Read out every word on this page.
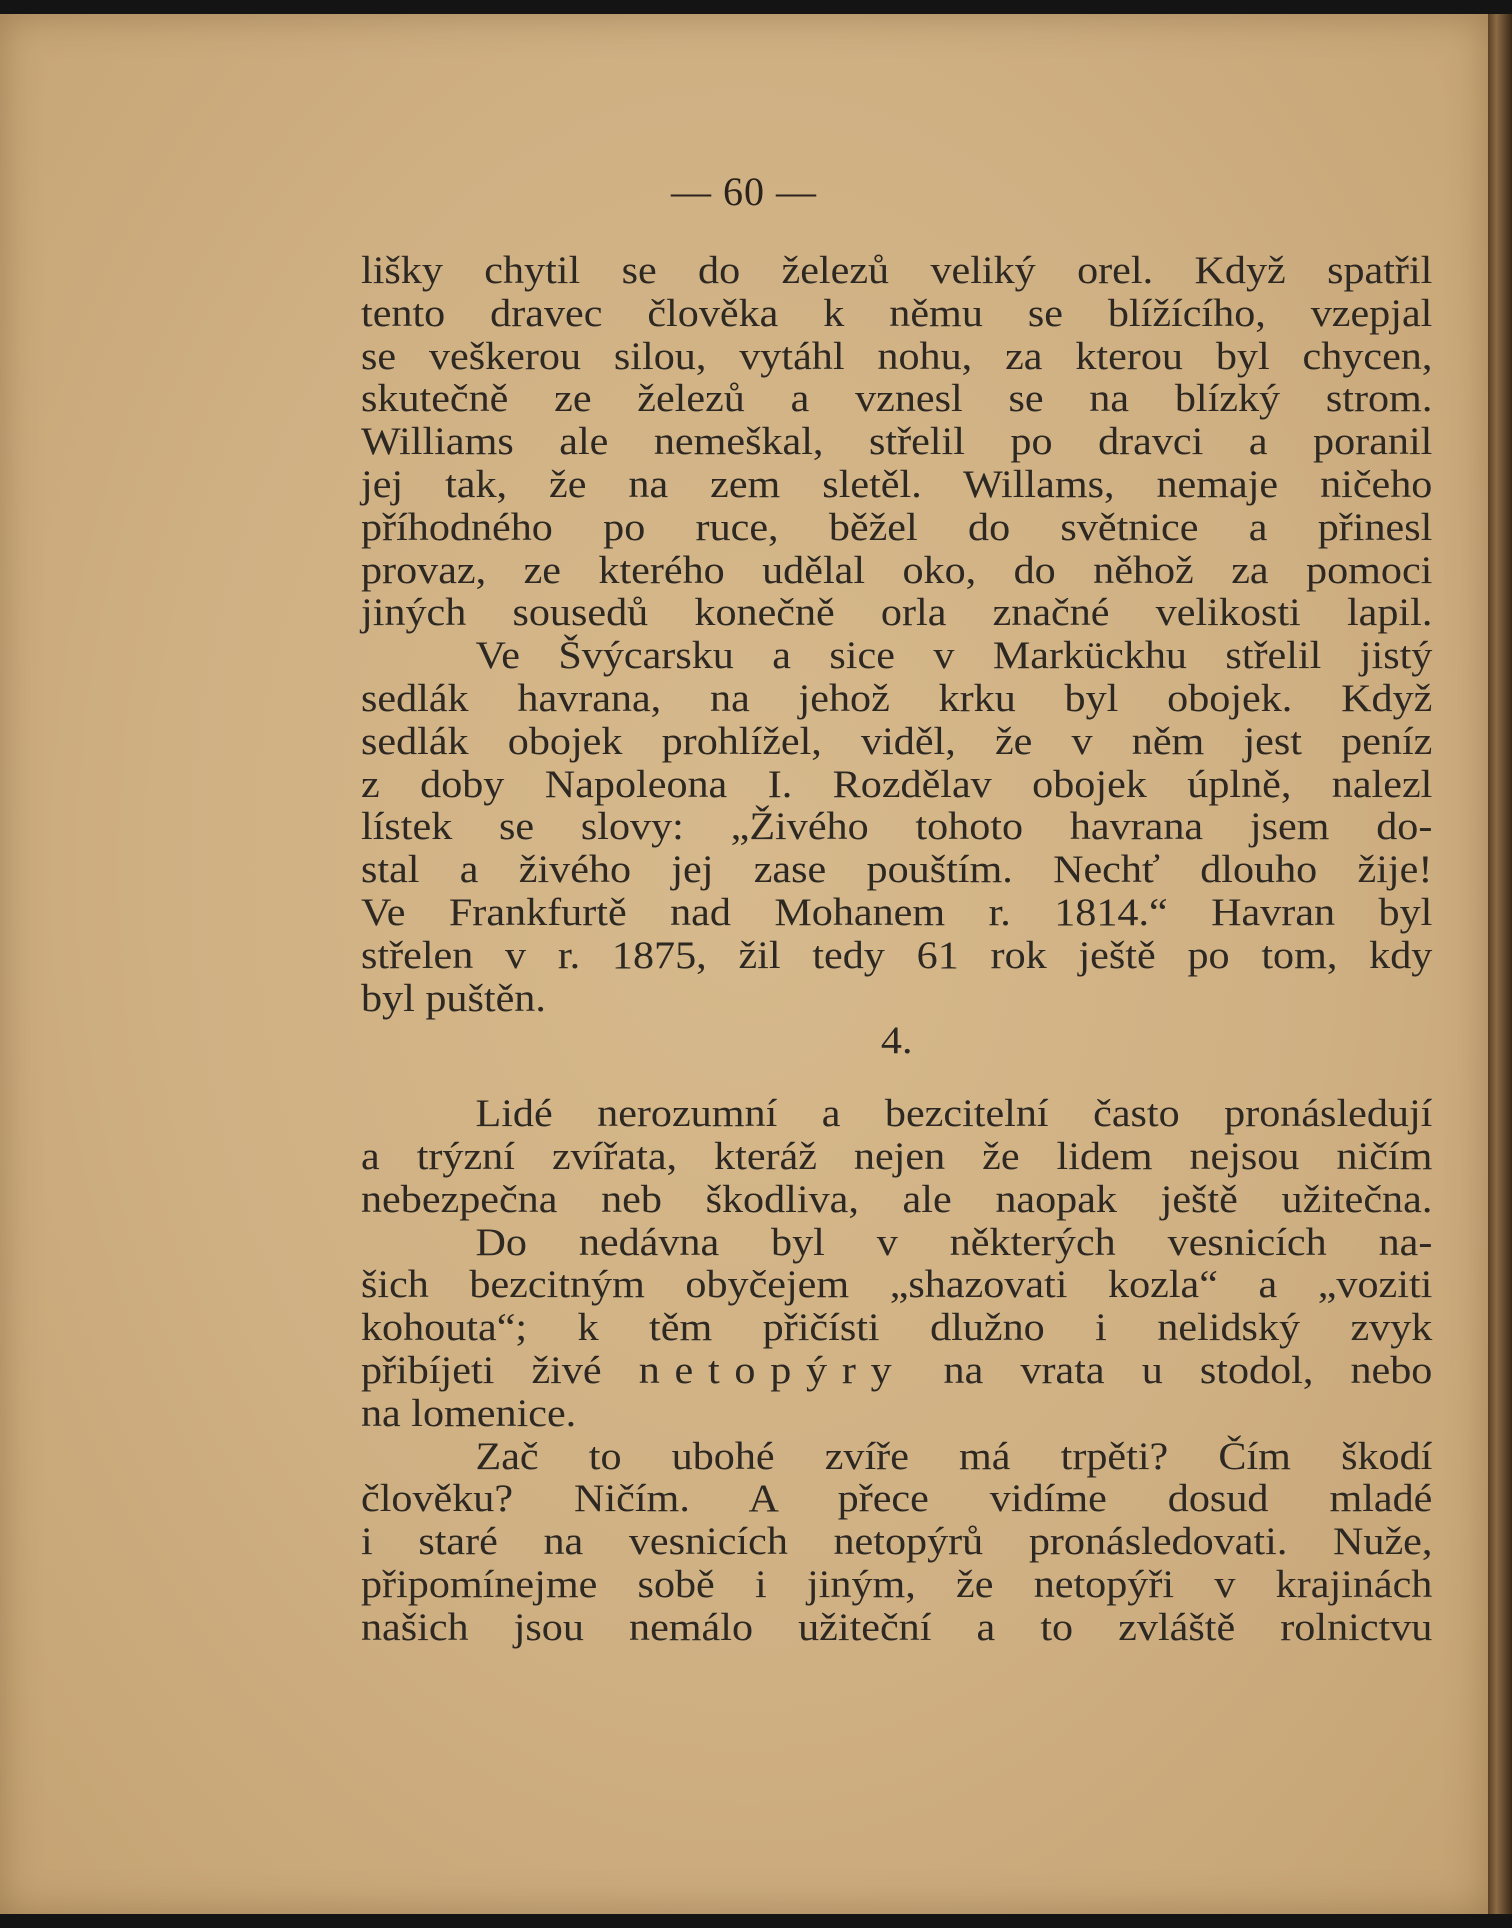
— 60 —
lišky chytil se do železů veliký orel. Když spatřil
tento dravec člověka k němu se blížícího, vzepjal
se veškerou silou, vytáhl nohu, za kterou byl chycen,
skutečně ze železů a vznesl se na blízký strom.
Williams ale nemeškal, střelil po dravci a poranil
jej tak, že na zem sletěl. Willams, nemaje ničeho
příhodného po ruce, běžel do světnice a přinesl
provaz, ze kterého udělal oko, do něhož za pomoci
jiných sousedů konečně orla značné velikosti lapil.
Ve Švýcarsku a sice v Markückhu střelil jistý
sedlák havrana, na jehož krku byl obojek. Když
sedlák obojek prohlížel, viděl, že v něm jest peníz
z doby Napoleona I. Rozdělav obojek úplně, nalezl
lístek se slovy: „Živého tohoto havrana jsem do-
stal a živého jej zase pouštím. Nechť dlouho žije!
Ve Frankfurtě nad Mohanem r. 1814.“ Havran byl
střelen v r. 1875, žil tedy 61 rok ještě po tom, kdy
byl puštěn.
4.
Lidé nerozumní a bezcitelní často pronásledují
a trýzní zvířata, kteráž nejen že lidem nejsou ničím
nebezpečna neb škodliva, ale naopak ještě užitečna.
Do nedávna byl v některých vesnicích na-
šich bezcitným obyčejem „shazovati kozla“ a „voziti
kohouta“; k těm přičísti dlužno i nelidský zvyk
přibíjeti živé netopýry na vrata u stodol, nebo
na lomenice.
Zač to ubohé zvíře má trpěti? Čím škodí
člověku? Ničím. A přece vidíme dosud mladé
i staré na vesnicích netopýrů pronásledovati. Nuže,
připomínejme sobě i jiným, že netopýři v krajinách
našich jsou nemálo užiteční a to zvláště rolnictvu
